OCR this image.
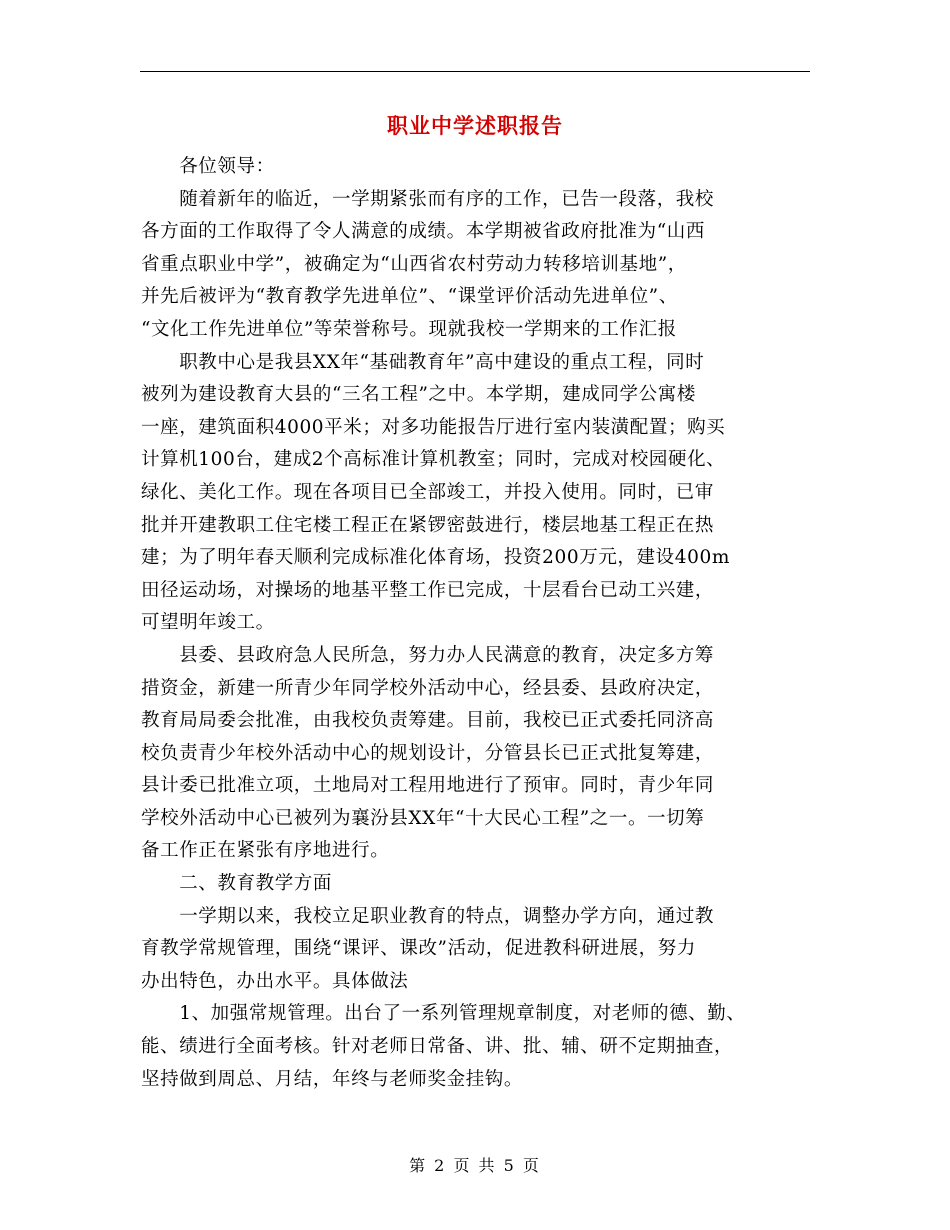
职业中学述职报告
　　各位领导：
　　随着新年的临近，一学期紧张而有序的工作，已告一段落，我校
各方面的工作取得了令人满意的成绩。本学期被省政府批准为“山西
省重点职业中学”，被确定为“山西省农村劳动力转移培训基地”，
并先后被评为“教育教学先进单位”、“课堂评价活动先进单位”、
“文化工作先进单位”等荣誉称号。现就我校一学期来的工作汇报
　　职教中心是我县XX年“基础教育年”高中建设的重点工程，同时
被列为建设教育大县的“三名工程”之中。本学期，建成同学公寓楼
一座，建筑面积4000平米；对多功能报告厅进行室内装潢配置；购买
计算机100台，建成2个高标准计算机教室；同时，完成对校园硬化、
绿化、美化工作。现在各项目已全部竣工，并投入使用。同时，已审
批并开建教职工住宅楼工程正在紧锣密鼓进行，楼层地基工程正在热
建；为了明年春天顺利完成标准化体育场，投资200万元，建设400m
田径运动场，对操场的地基平整工作已完成，十层看台已动工兴建，
可望明年竣工。
　　县委、县政府急人民所急，努力办人民满意的教育，决定多方筹
措资金，新建一所青少年同学校外活动中心，经县委、县政府决定，
教育局局委会批准，由我校负责筹建。目前，我校已正式委托同济高
校负责青少年校外活动中心的规划设计，分管县长已正式批复筹建，
县计委已批准立项，土地局对工程用地进行了预审。同时，青少年同
学校外活动中心已被列为襄汾县XX年“十大民心工程”之一。一切筹
备工作正在紧张有序地进行。
　　二、教育教学方面
　　一学期以来，我校立足职业教育的特点，调整办学方向，通过教
育教学常规管理，围绕“课评、课改”活动，促进教科研进展，努力
办出特色，办出水平。具体做法
　　1、加强常规管理。出台了一系列管理规章制度，对老师的德、勤、
能、绩进行全面考核。针对老师日常备、讲、批、辅、研不定期抽查，
坚持做到周总、月结，年终与老师奖金挂钩。
第 2 页 共 5 页
